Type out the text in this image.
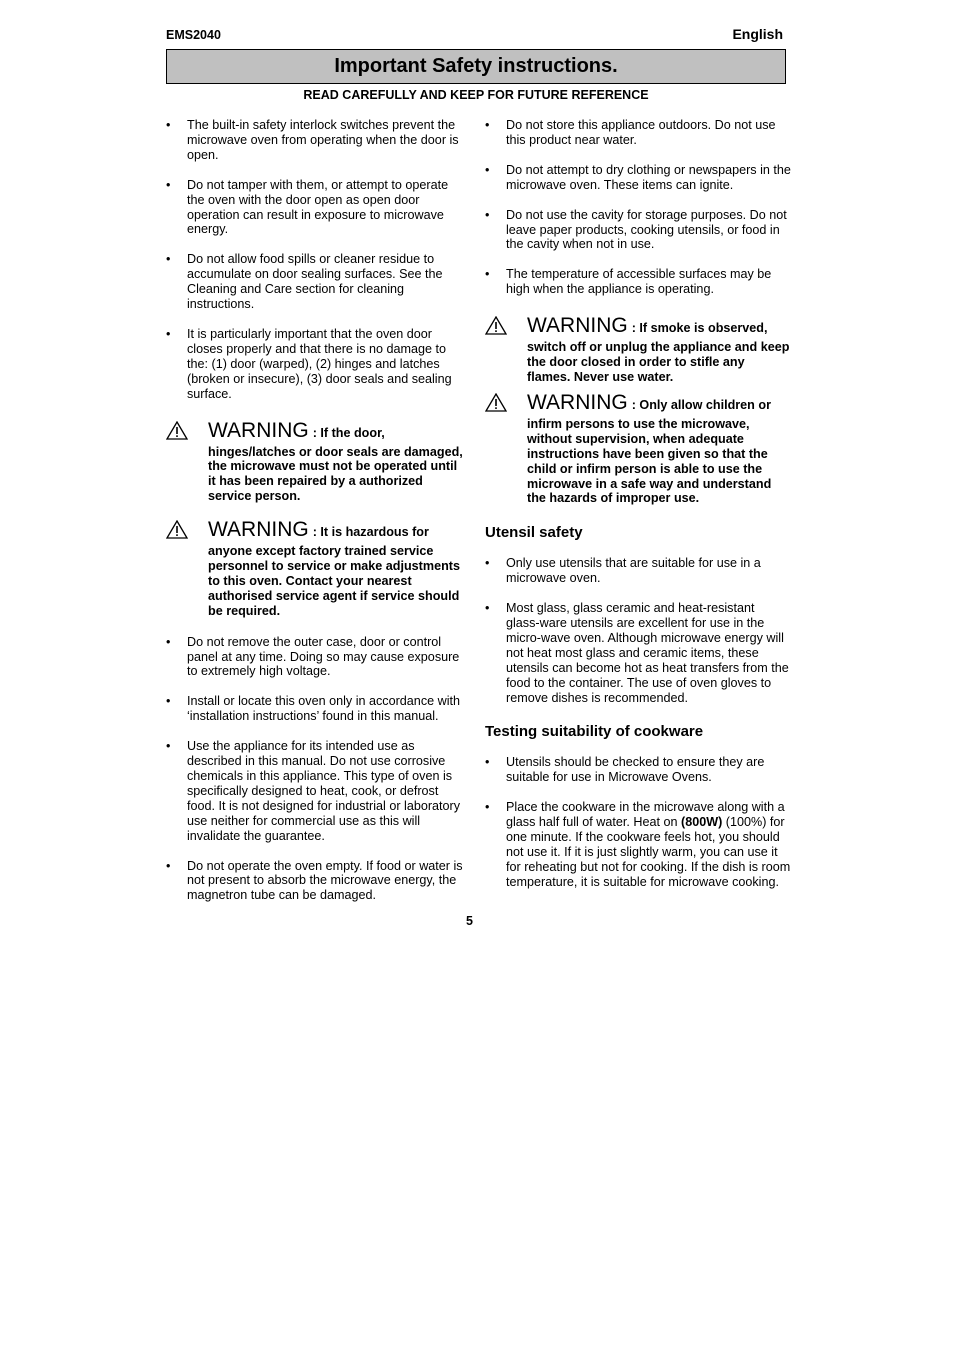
EMS2040	English
Important Safety instructions.
READ CAREFULLY AND KEEP FOR FUTURE REFERENCE
• The built-in safety interlock switches prevent the microwave oven from operating when the door is open.
• Do not tamper with them, or attempt to operate the oven with the door open as open door operation can result in exposure to microwave energy.
• Do not allow food spills or cleaner residue to accumulate on door sealing surfaces. See the Cleaning and Care section for cleaning instructions.
• It is particularly important that the oven door closes properly and that there is no damage to the: (1) door (warped), (2) hinges and latches (broken or insecure), (3) door seals and sealing surface.
WARNING : If the door,
hinges/latches or door seals are damaged, the microwave must not be operated until it has been repaired by a authorized service person.
WARNING : It is hazardous for
anyone except factory trained service personnel to service or make adjustments to this oven. Contact your nearest authorised service agent if service should be required.
• Do not remove the outer case, door or control panel at any time. Doing so may cause exposure to extremely high voltage.
• Install or locate this oven only in accordance with ‘installation instructions’ found in this manual.
• Use the appliance for its intended use as described in this manual. Do not use corrosive chemicals in this appliance. This type of oven is specifically designed to heat, cook, or defrost food. It is not designed for industrial or laboratory use neither for commercial use as this will invalidate the guarantee.
• Do not operate the oven empty. If food or water is not present to absorb the microwave energy, the magnetron tube can be damaged.
• Do not store this appliance outdoors. Do not use this product near water.
• Do not attempt to dry clothing or newspapers in the microwave oven. These items can ignite.
• Do not use the cavity for storage purposes. Do not leave paper products, cooking utensils, or food in the cavity when not in use.
• The temperature of accessible surfaces may be high when the appliance is operating.
WARNING : If smoke is observed,
switch off or unplug the appliance and keep the door closed in order to stifle any flames. Never use water.
WARNING : Only allow children or
infirm persons to use the microwave, without supervision, when adequate instructions have been given so that the child or infirm person is able to use the microwave in a safe way and understand the hazards of improper use.
Utensil safety
• Only use utensils that are suitable for use in a microwave oven.
• Most glass, glass ceramic and heat-resistant glass-ware utensils are excellent for use in the micro-wave oven. Although microwave energy will not heat most glass and ceramic items, these utensils can become hot as heat transfers from the food to the container. The use of oven gloves to remove dishes is recommended.
Testing suitability of cookware
• Utensils should be checked to ensure they are suitable for use in Microwave Ovens.
• Place the cookware in the microwave along with a glass half full of water. Heat on (800W) (100%) for one minute. If the cookware feels hot, you should not use it. If it is just slightly warm, you can use it for reheating but not for cooking. If the dish is room temperature, it is suitable for microwave cooking.
5
